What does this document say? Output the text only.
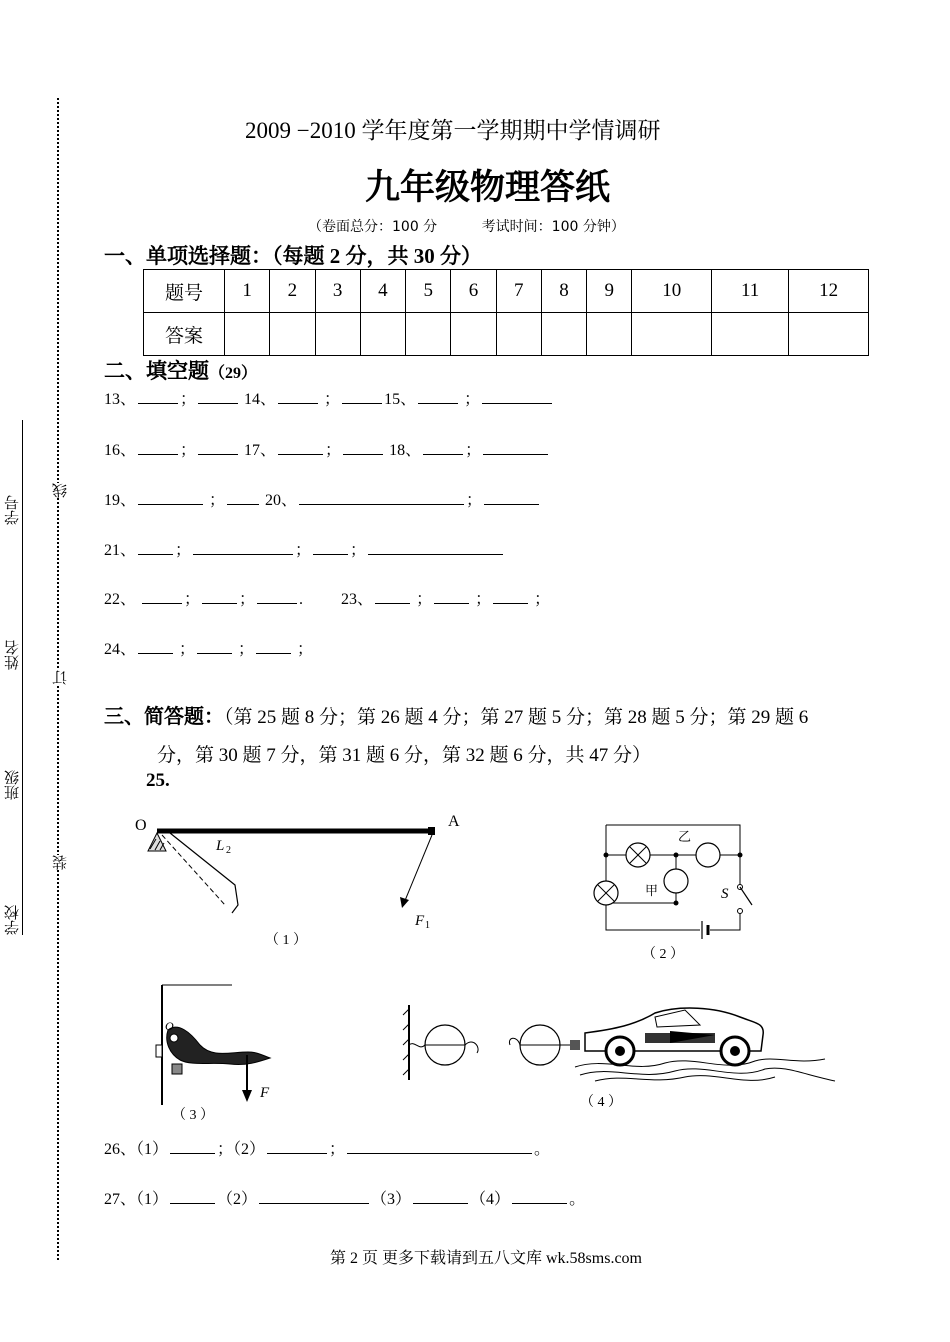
学校
班级
姓名
学号
装
订
线
2009 −2010 学年度第一学期期中学情调研
九年级物理答纸
（卷面总分：100 分          考试时间：100 分钟）
一、单项选择题：（每题 2 分，共 30 分）
题号	1	2	3	4	5	6	7	8	9	10	11	12
答案												
二、填空题（29）
13、	；	14、	；	15、	；
16、	；	17、	；	18、	；
19、	；	20、	；
21、 ；	； ；
22、	； ；	.  23、 ； ； ；
24、 ； ； ；
三、简答题：（第 25 题 8 分；第 26 题 4 分；第 27 题 5 分；第 28 题 5 分；第 29 题 6
分，第 30 题 7 分，第 31 题 6 分，第 32 题 6 分，共 47 分）
25.
O	A
L 2
F 1
（ 1 ）
乙
甲	S
（ 2 ）
O
F
（ 3 ）
（ 4 ）
26、（1）	；（2）	；	。
27、（1）	（2）	（3）	（4）	。
第 2 页 更多下载请到五八文库 wk.58sms.com
